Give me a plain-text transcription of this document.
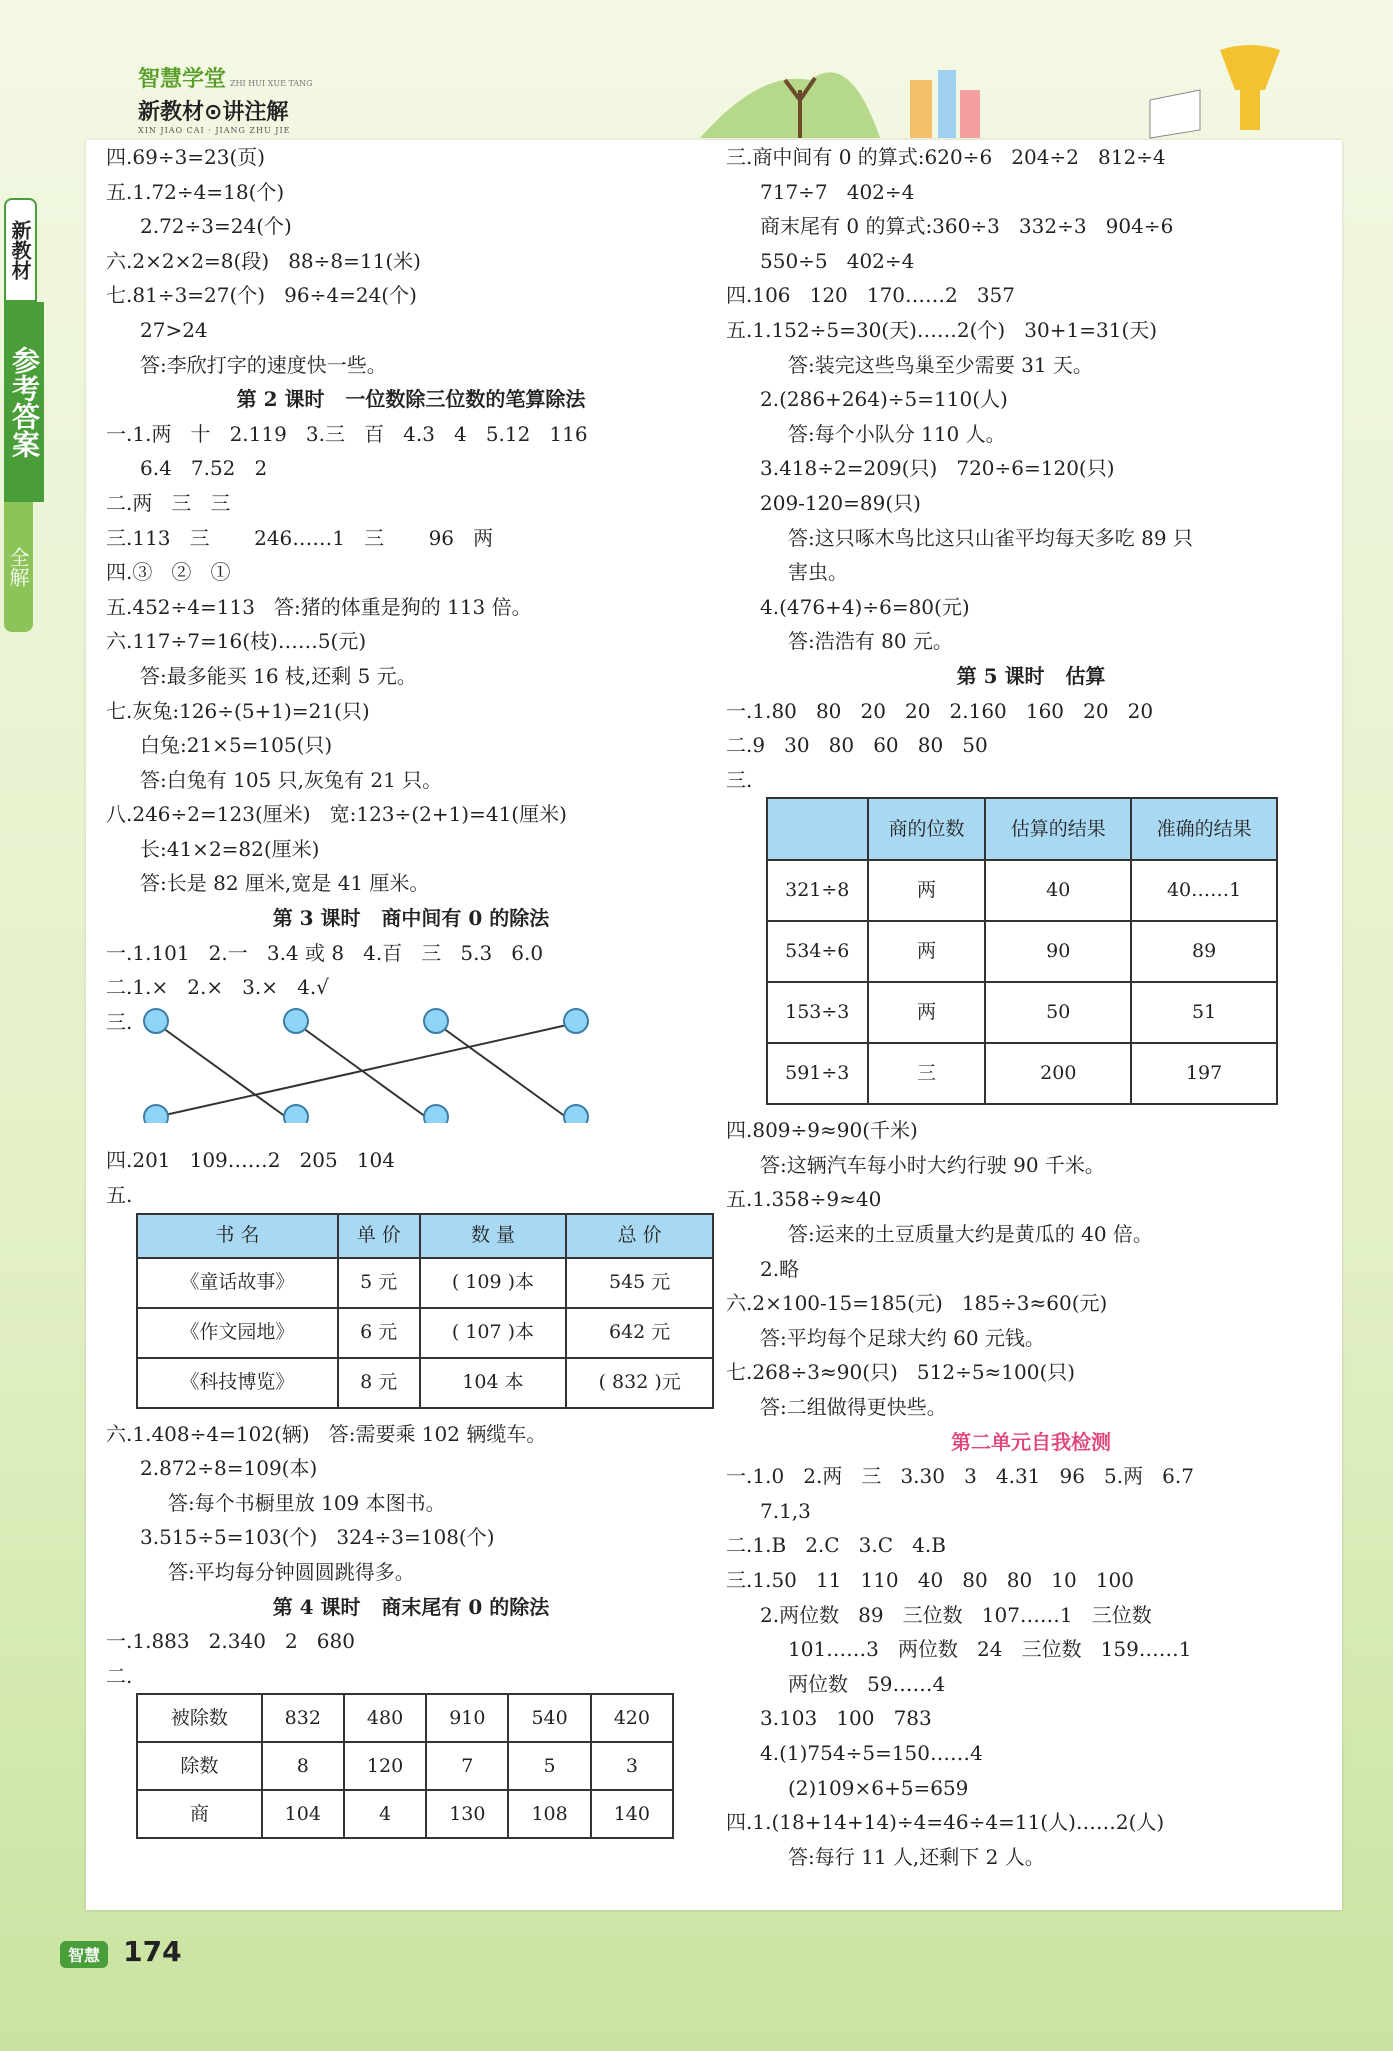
智慧学堂 ZHI HUI XUE TANG
新教材⊙讲注解
XIN JIAO CAI · JIANG ZHU JIE
新教材
参考答案
全解
四.69÷3=23(页)
五.1.72÷4=18(个)
2.72÷3=24(个)
六.2×2×2=8(段)   88÷8=11(米)
七.81÷3=27(个)   96÷4=24(个)
27>24
答:李欣打字的速度快一些。
第 2 课时   一位数除三位数的笔算除法
一.1.两   十   2.119   3.三   百   4.3   4   5.12   116
6.4   7.52   2
二.两   三   三
三.113   三       246……1   三       96   两
四.③   ②   ①
五.452÷4=113   答:猪的体重是狗的 113 倍。
六.117÷7=16(枝)……5(元)
答:最多能买 16 枝,还剩 5 元。
七.灰兔:126÷(5+1)=21(只)
白兔:21×5=105(只)
答:白兔有 105 只,灰兔有 21 只。
八.246÷2=123(厘米)   宽:123÷(2+1)=41(厘米)
长:41×2=82(厘米)
答:长是 82 厘米,宽是 41 厘米。
第 3 课时   商中间有 0 的除法
一.1.101   2.一   3.4 或 8   4.百   三   5.3   6.0
二.1.×   2.×   3.×   4.√
三.
四.201   109……2   205   104
五.
书 名	单 价	数 量	总 价
《童话故事》	5 元	( 109 )本	545 元
《作文园地》	6 元	( 107 )本	642 元
《科技博览》	8 元	104 本	( 832 )元
六.1.408÷4=102(辆)   答:需要乘 102 辆缆车。
2.872÷8=109(本)
答:每个书橱里放 109 本图书。
3.515÷5=103(个)   324÷3=108(个)
答:平均每分钟圆圆跳得多。
第 4 课时   商末尾有 0 的除法
一.1.883   2.340   2   680
二.
被除数	832	480	910	540	420
除数	8	120	7	5	3
商	104	4	130	108	140
三.商中间有 0 的算式:620÷6   204÷2   812÷4
717÷7   402÷4
商末尾有 0 的算式:360÷3   332÷3   904÷6
550÷5   402÷4
四.106   120   170……2   357
五.1.152÷5=30(天)……2(个)   30+1=31(天)
答:装完这些鸟巢至少需要 31 天。
2.(286+264)÷5=110(人)
答:每个小队分 110 人。
3.418÷2=209(只)   720÷6=120(只)
209-120=89(只)
答:这只啄木鸟比这只山雀平均每天多吃 89 只
害虫。
4.(476+4)÷6=80(元)
答:浩浩有 80 元。
第 5 课时   估算
一.1.80   80   20   20   2.160   160   20   20
二.9   30   80   60   80   50
三.
	商的位数	估算的结果	准确的结果
321÷8	两	40	40……1
534÷6	两	90	89
153÷3	两	50	51
591÷3	三	200	197
四.809÷9≈90(千米)
答:这辆汽车每小时大约行驶 90 千米。
五.1.358÷9≈40
答:运来的土豆质量大约是黄瓜的 40 倍。
2.略
六.2×100-15=185(元)   185÷3≈60(元)
答:平均每个足球大约 60 元钱。
七.268÷3≈90(只)   512÷5≈100(只)
答:二组做得更快些。
第二单元自我检测
一.1.0   2.两   三   3.30   3   4.31   96   5.两   6.7
7.1,3
二.1.B   2.C   3.C   4.B
三.1.50   11   110   40   80   80   10   100
2.两位数   89   三位数   107……1   三位数
101……3   两位数   24   三位数   159……1
两位数   59……4
3.103   100   783
4.(1)754÷5=150……4
(2)109×6+5=659
四.1.(18+14+14)÷4=46÷4=11(人)……2(人)
答:每行 11 人,还剩下 2 人。
智慧 174
